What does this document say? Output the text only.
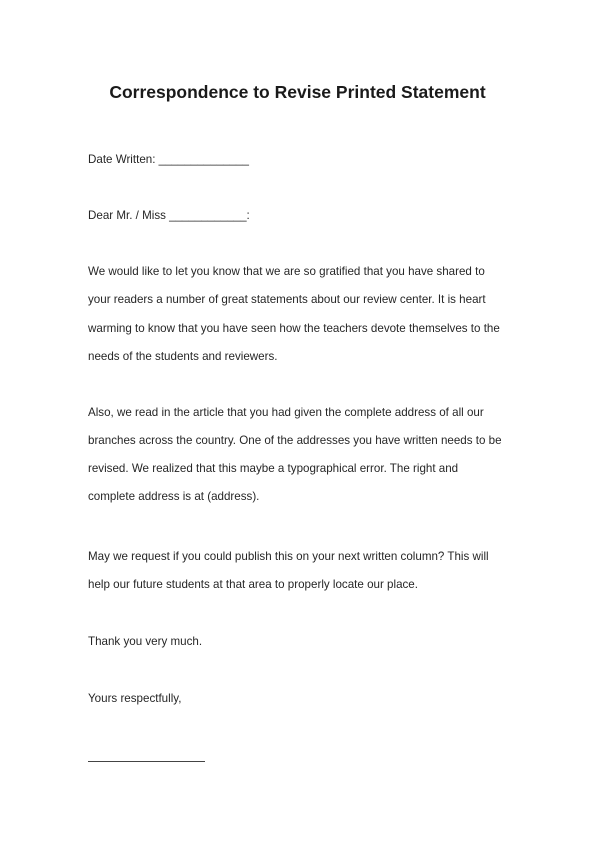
Correspondence to Revise Printed Statement
Date Written: ______________
Dear Mr. / Miss ____________:
We would like to let you know that we are so gratified that you have shared to
your readers a number of great statements about our review center. It is heart
warming to know that you have seen how the teachers devote themselves to the
needs of the students and reviewers.
Also, we read in the article that you had given the complete address of all our
branches across the country. One of the addresses you have written needs to be
revised. We realized that this maybe a typographical error. The right and
complete address is at (address).
May we request if you could publish this on your next written column? This will
help our future students at that area to properly locate our place.
Thank you very much.
Yours respectfully,
